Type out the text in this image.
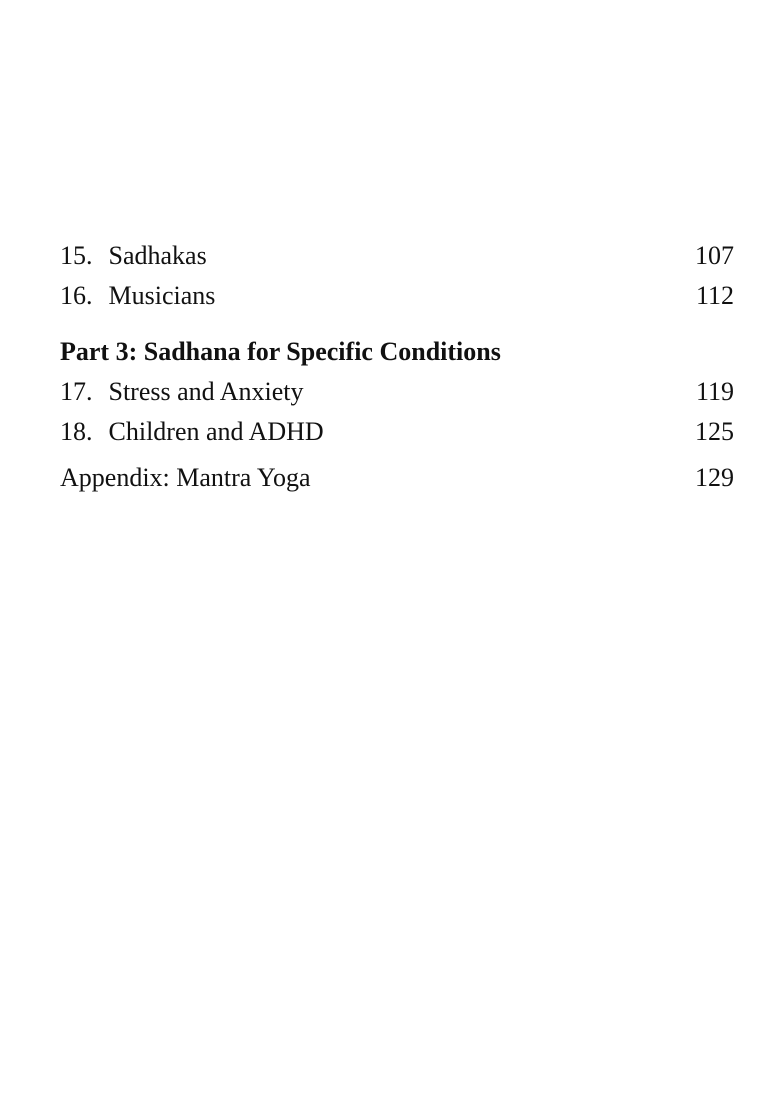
15. Sadhakas	107
16. Musicians	112
Part 3: Sadhana for Specific Conditions
17. Stress and Anxiety	119
18. Children and ADHD	125
Appendix: Mantra Yoga	129
